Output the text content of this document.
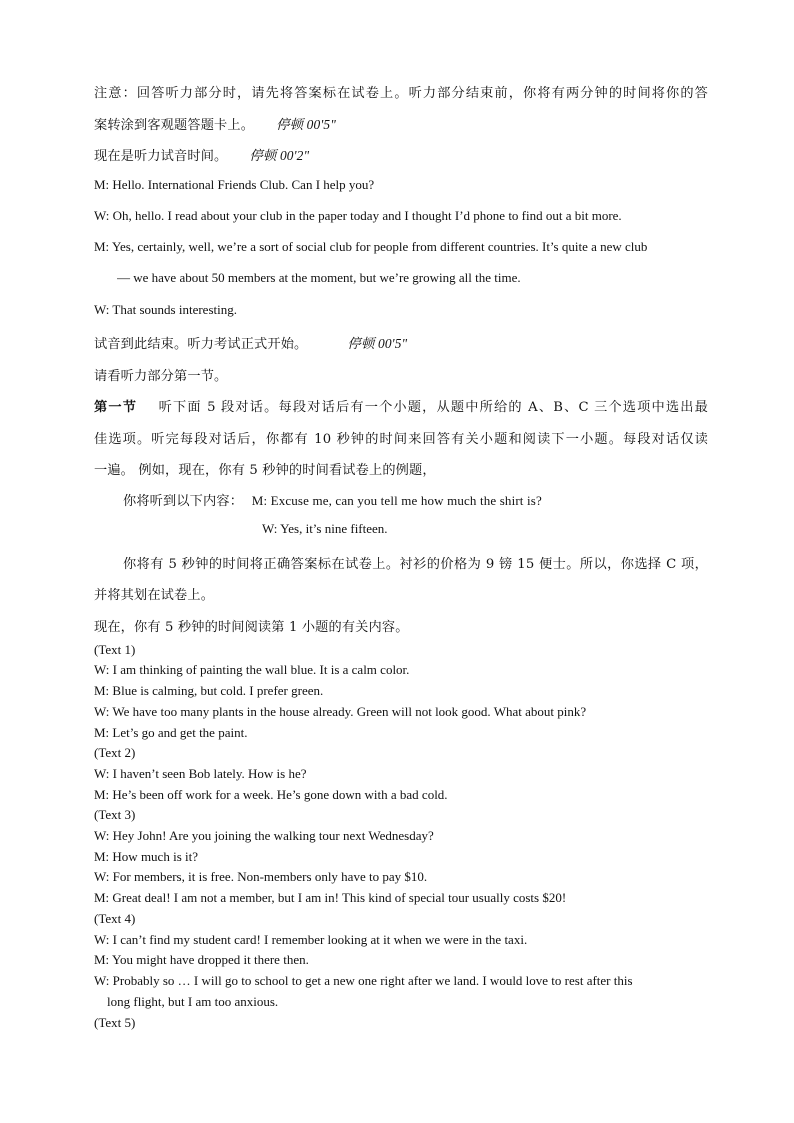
注意：回答听力部分时，请先将答案标在试卷上。听力部分结束前，你将有两分钟的时间将你的答
案转涂到客观题答题卡上。 停顿 00'5"
现在是听力试音时间。 停顿 00'2"
M: Hello. International Friends Club. Can I help you?
W: Oh, hello. I read about your club in the paper today and I thought I’d phone to find out a bit more.
M: Yes, certainly, well, we’re a sort of social club for people from different countries. It’s quite a new club
— we have about 50 members at the moment, but we’re growing all the time.
W: That sounds interesting.
试音到此结束。听力考试正式开始。	停顿 00'5"
请看听力部分第一节。
第一节 听下面 5 段对话。每段对话后有一个小题，从题中所给的 A、B、C 三个选项中选出最
佳选项。听完每段对话后，你都有 10 秒钟的时间来回答有关小题和阅读下一小题。每段对话仅读
一遍。 例如，现在，你有 5 秒钟的时间看试卷上的例题，
你将听到以下内容： M: Excuse me, can you tell me how much the shirt is?
W: Yes, it’s nine fifteen.
你将有 5 秒钟的时间将正确答案标在试卷上。衬衫的价格为 9 镑 15 便士。所以，你选择 C 项，
并将其划在试卷上。
现在，你有 5 秒钟的时间阅读第 1 小题的有关内容。
(Text 1)
W: I am thinking of painting the wall blue. It is a calm color.
M: Blue is calming, but cold. I prefer green.
W: We have too many plants in the house already. Green will not look good. What about pink?
M: Let’s go and get the paint.
(Text 2)
W: I haven’t seen Bob lately. How is he?
M: He’s been off work for a week. He’s gone down with a bad cold.
(Text 3)
W: Hey John! Are you joining the walking tour next Wednesday?
M: How much is it?
W: For members, it is free. Non-members only have to pay $10.
M: Great deal! I am not a member, but I am in! This kind of special tour usually costs $20!
(Text 4)
W: I can’t find my student card! I remember looking at it when we were in the taxi.
M: You might have dropped it there then.
W: Probably so … I will go to school to get a new one right after we land. I would love to rest after this
long flight, but I am too anxious.
(Text 5)
